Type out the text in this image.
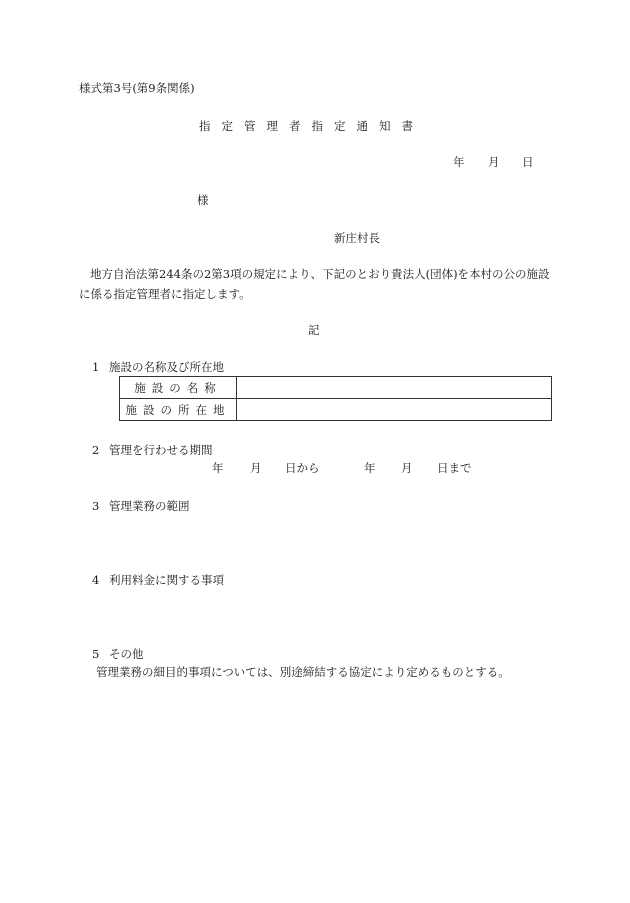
様式第3号(第9条関係)
指定管理者指定通知書
年 月 日
様
新庄村長
地方自治法第244条の2第3項の規定により、下記のとおり貴法人(団体)を本村の公の施設
に係る指定管理者に指定します。
記
1 施設の名称及び所在地
施設の名称	
施設の所在地	
2 管理を行わせる期間
年 月 日から	年 月 日まで
3 管理業務の範囲
4 利用料金に関する事項
5 その他
管理業務の細目的事項については、別途締結する協定により定めるものとする。
